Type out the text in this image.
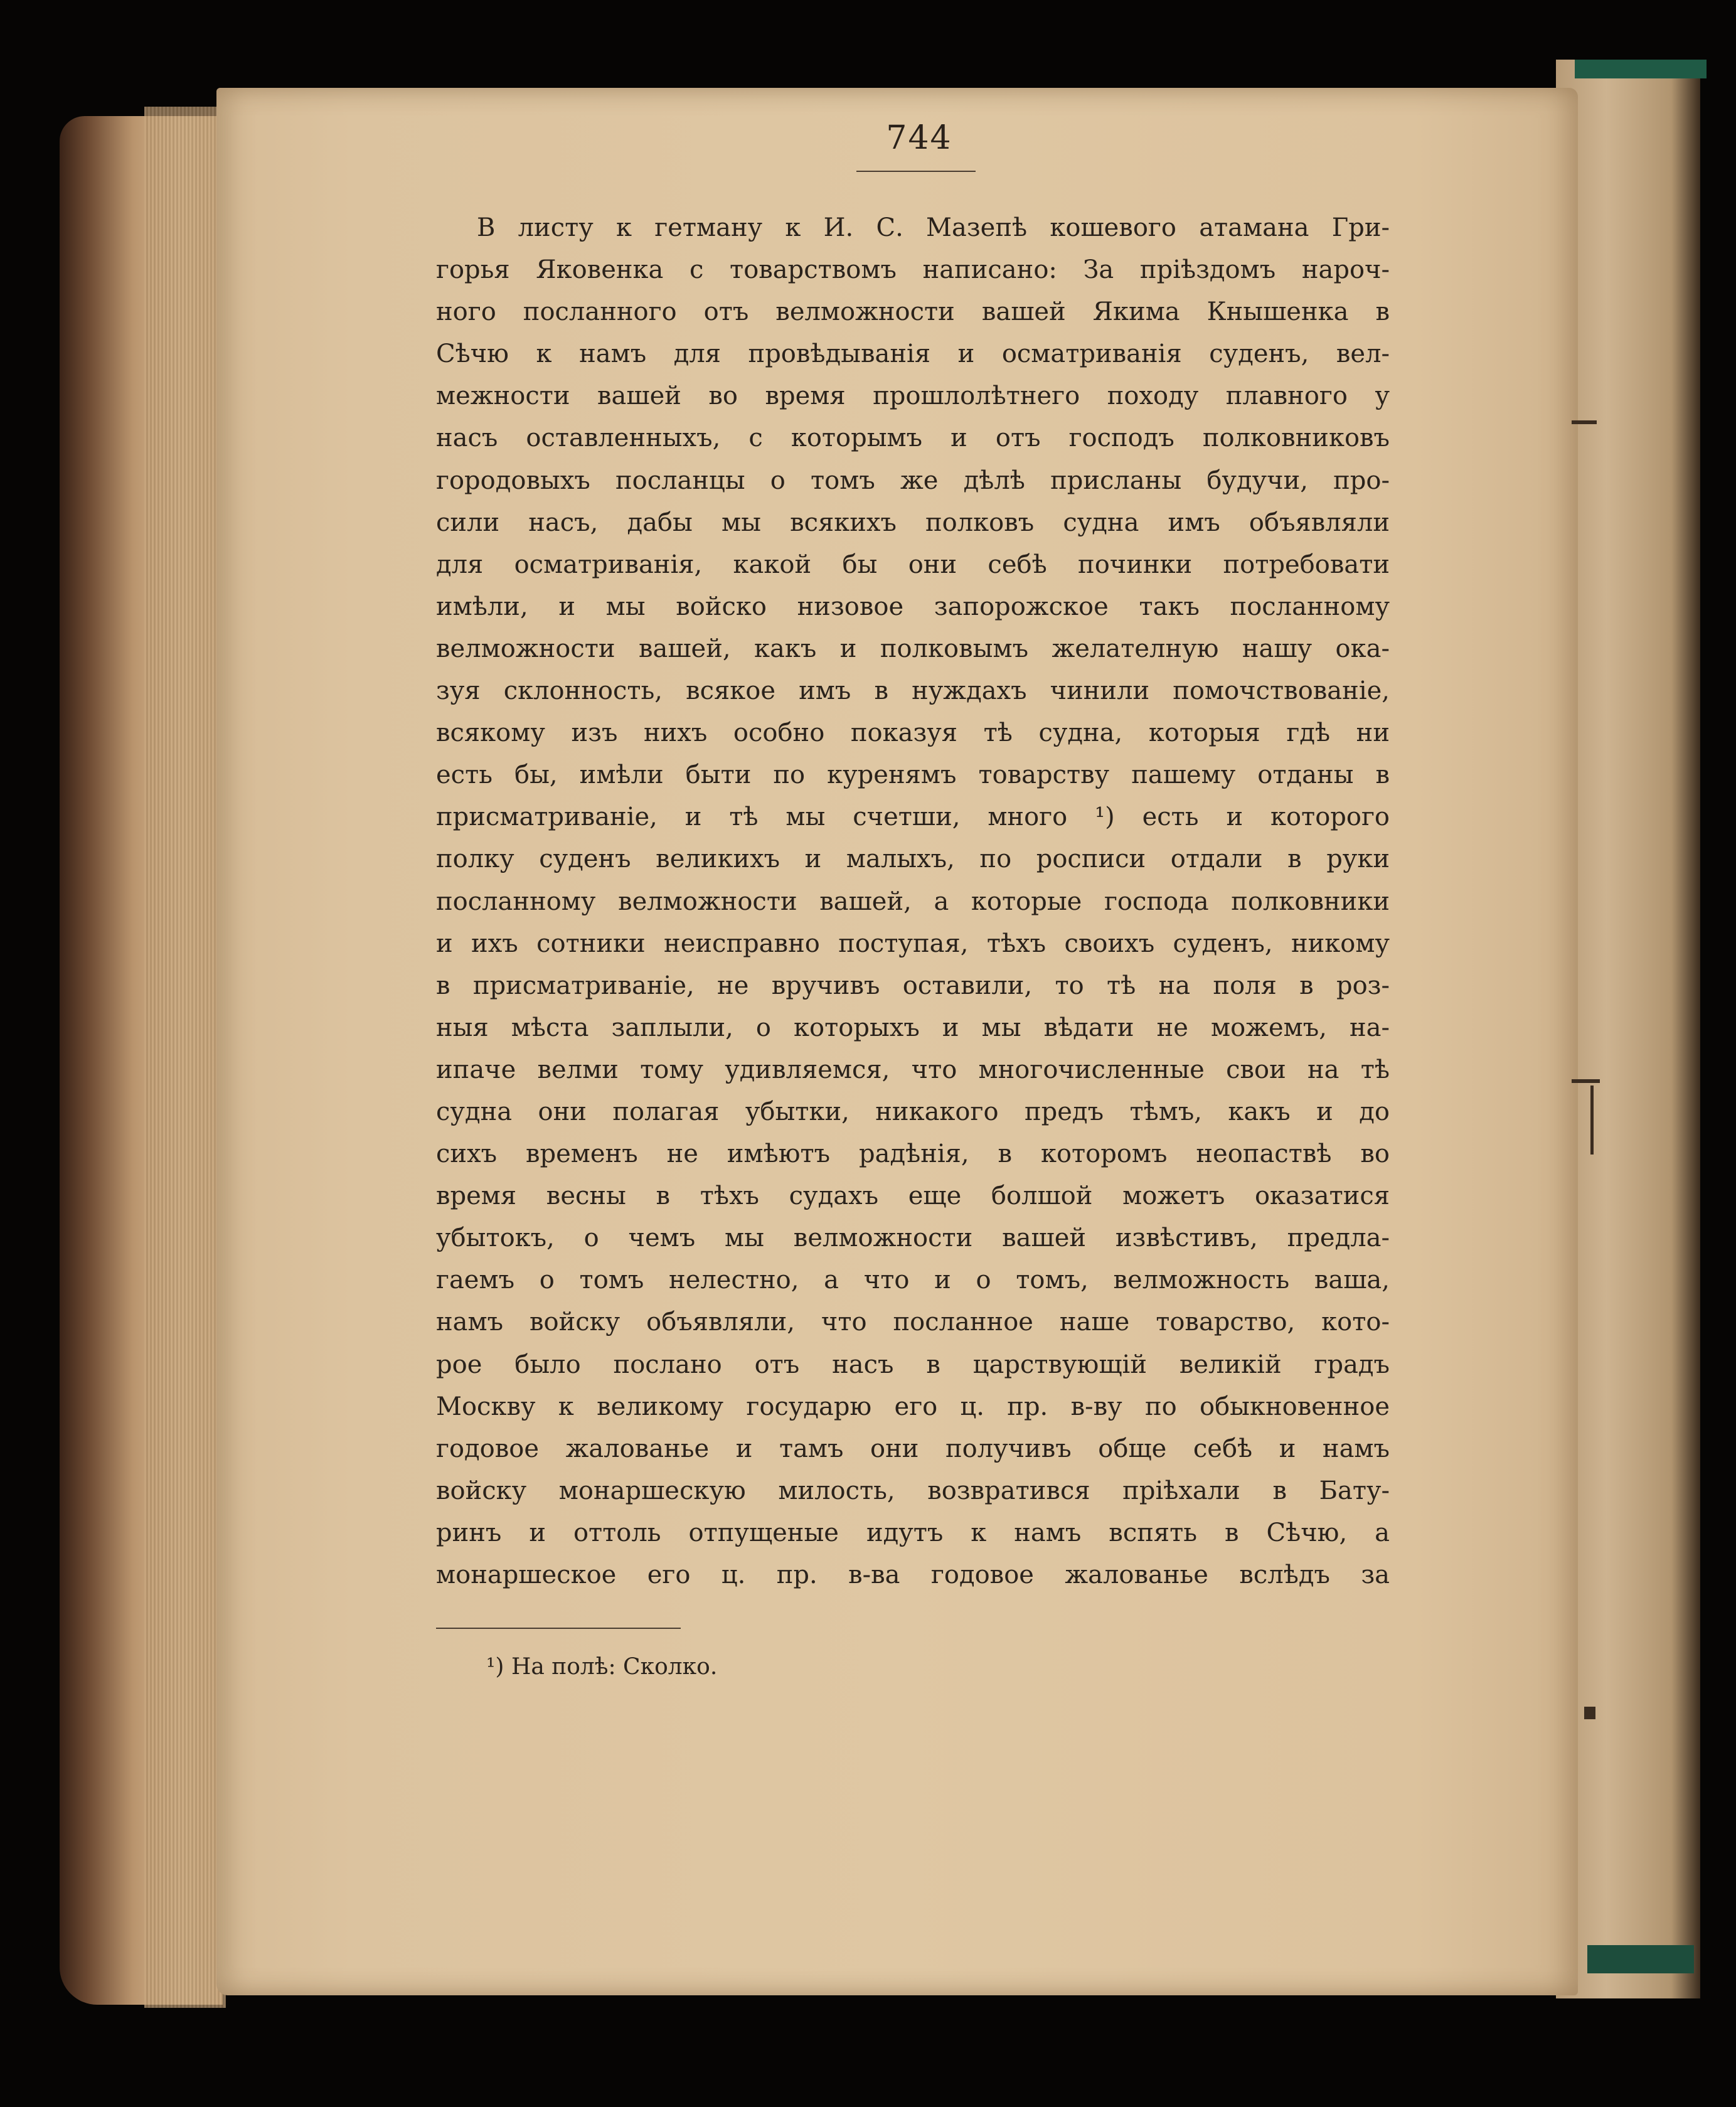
744
В листу к гетману к И. С. Мазепѣ кошевого атамана Гри-
горья Яковенка с товарствомъ написано: За прiѣздомъ нароч-
ного посланного отъ велможности вашей Якима Кнышенка в
Сѣчю к намъ для провѣдыванiя и осматриванiя суденъ, вел-
межности вашей во время прошлолѣтнего походу плавного у
насъ оставленныхъ, с которымъ и отъ господъ полковниковъ
городовыхъ посланцы о томъ же дѣлѣ присланы будучи, про-
сили насъ, дабы мы всякихъ полковъ судна имъ объявляли
для осматриванiя, какой бы они себѣ починки потребовати
имѣли, и мы войско низовое запорожское такъ посланному
велможности вашей, какъ и полковымъ желателную нашу ока-
зуя склонность, всякое имъ в нуждахъ чинили помочствованiе,
всякому изъ нихъ особно показуя тѣ судна, которыя гдѣ ни
есть бы, имѣли быти по куренямъ товарству пашему отданы в
присматриванiе, и тѣ мы счетши, много ¹) есть и которого
полку суденъ великихъ и малыхъ, по росписи отдали в руки
посланному велможности вашей, а которые господа полковники
и ихъ сотники неисправно поступая, тѣхъ своихъ суденъ, никому
в присматриванiе, не вручивъ оставили, то тѣ на поля в роз-
ныя мѣста заплыли, о которыхъ и мы вѣдати не можемъ, на-
ипаче велми тому удивляемся, что многочисленные свои на тѣ
судна они полагая убытки, никакого предъ тѣмъ, какъ и до
сихъ временъ не имѣютъ радѣнiя, в которомъ неопаствѣ во
время весны в тѣхъ судахъ еще болшой можетъ оказатися
убытокъ, о чемъ мы велможности вашей извѣстивъ, предла-
гаемъ о томъ нелестно, а что и о томъ, велможность ваша,
намъ войску объявляли, что посланное наше товарство, кото-
рое было послано отъ насъ в царствующiй великiй градъ
Москву к великому государю его ц. пр. в-ву по обыкновенное
годовое жалованье и тамъ они получивъ обще себѣ и намъ
войску монаршескую милость, возвратився прiѣхали в Бату-
ринъ и оттоль отпущеные идутъ к намъ вспять в Сѣчю, а
монаршеское его ц. пр. в-ва годовое жалованье вслѣдъ за
¹) На полѣ: Сколко.
